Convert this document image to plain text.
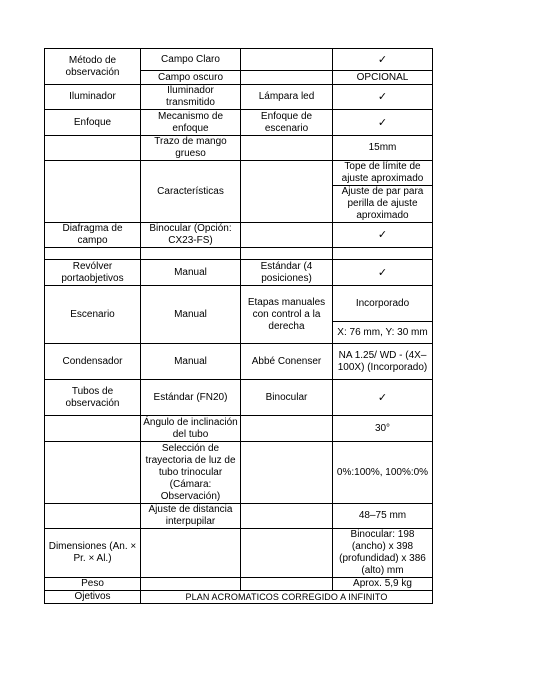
Método de observación	Campo Claro		✓
	Campo oscuro		OPCIONAL
Iluminador	Iluminador transmitido	Lámpara led	✓
Enfoque	Mecanismo de enfoque	Enfoque de escenario	✓
	Trazo de mango grueso		15mm
	Características		Tope de límite de ajuste aproximado
			Ajuste de par para perilla de ajuste aproximado
Diafragma de campo	Binocular (Opción: CX23-FS)		✓

Revólver portaobjetivos	Manual	Estándar (4 posiciones)	✓
Escenario	Manual	Etapas manuales con control a la derecha	Incorporado
			X: 76 mm, Y: 30 mm
Condensador	Manual	Abbé Conenser	NA 1.25/ WD - (4X–100X) (Incorporado)
Tubos de observación	Estándar (FN20)	Binocular	✓
	Ángulo de inclinación del tubo		30°
	Selección de trayectoria de luz de tubo trinocular (Cámara: Observación)		0%:100%, 100%:0%
	Ajuste de distancia interpupilar		48–75 mm
Dimensiones (An. × Pr. × Al.)			Binocular: 198 (ancho) x 398 (profundidad) x 386 (alto) mm
Peso			Aprox. 5,9 kg
Ojetivos	PLAN ACROMATICOS CORREGIDO A INFINITO		
